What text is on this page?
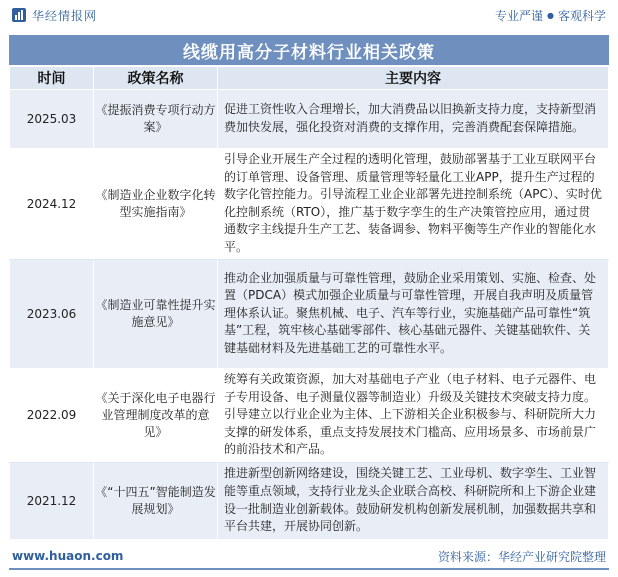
华经情报网	专业严谨 ● 客观科学
线缆用高分子材料行业相关政策
时间	政策名称	主要内容
2025.03	《提振消费专项行动方案》	促进工资性收入合理增长，加大消费品以旧换新支持力度，支持新型消费加快发展，强化投资对消费的支撑作用，完善消费配套保障措施。
2024.12	《制造业企业数字化转型实施指南》	引导企业开展生产全过程的透明化管理，鼓励部署基于工业互联网平台的订单管理、设备管理、质量管理等轻量化工业APP，提升生产过程的数字化管控能力。引导流程工业企业部署先进控制系统（APC）、实时优化控制系统（RTO），推广基于数字孪生的生产决策管控应用，通过贯通数字主线提升生产工艺、装备调参、物料平衡等生产作业的智能化水平。
2023.06	《制造业可靠性提升实施意见》	推动企业加强质量与可靠性管理，鼓励企业采用策划、实施、检查、处置（PDCA）模式加强企业质量与可靠性管理，开展自我声明及质量管理体系认证。聚焦机械、电子、汽车等行业，实施基础产品可靠性“筑基”工程，筑牢核心基础零部件、核心基础元器件、关键基础软件、关键基础材料及先进基础工艺的可靠性水平。
2022.09	《关于深化电子电器行业管理制度改革的意见》	统筹有关政策资源，加大对基础电子产业（电子材料、电子元器件、电子专用设备、电子测量仪器等制造业）升级及关键技术突破支持力度。引导建立以行业企业为主体、上下游相关企业积极参与、科研院所大力支撑的研发体系，重点支持发展技术门槛高、应用场景多、市场前景广的前沿技术和产品。
2021.12	《“十四五”智能制造发展规划》	推进新型创新网络建设，围绕关键工艺、工业母机、数字孪生、工业智能等重点领域，支持行业龙头企业联合高校、科研院所和上下游企业建设一批制造业创新载体。鼓励研发机构创新发展机制，加强数据共享和平台共建，开展协同创新。
www.huaon.com	资料来源：华经产业研究院整理
